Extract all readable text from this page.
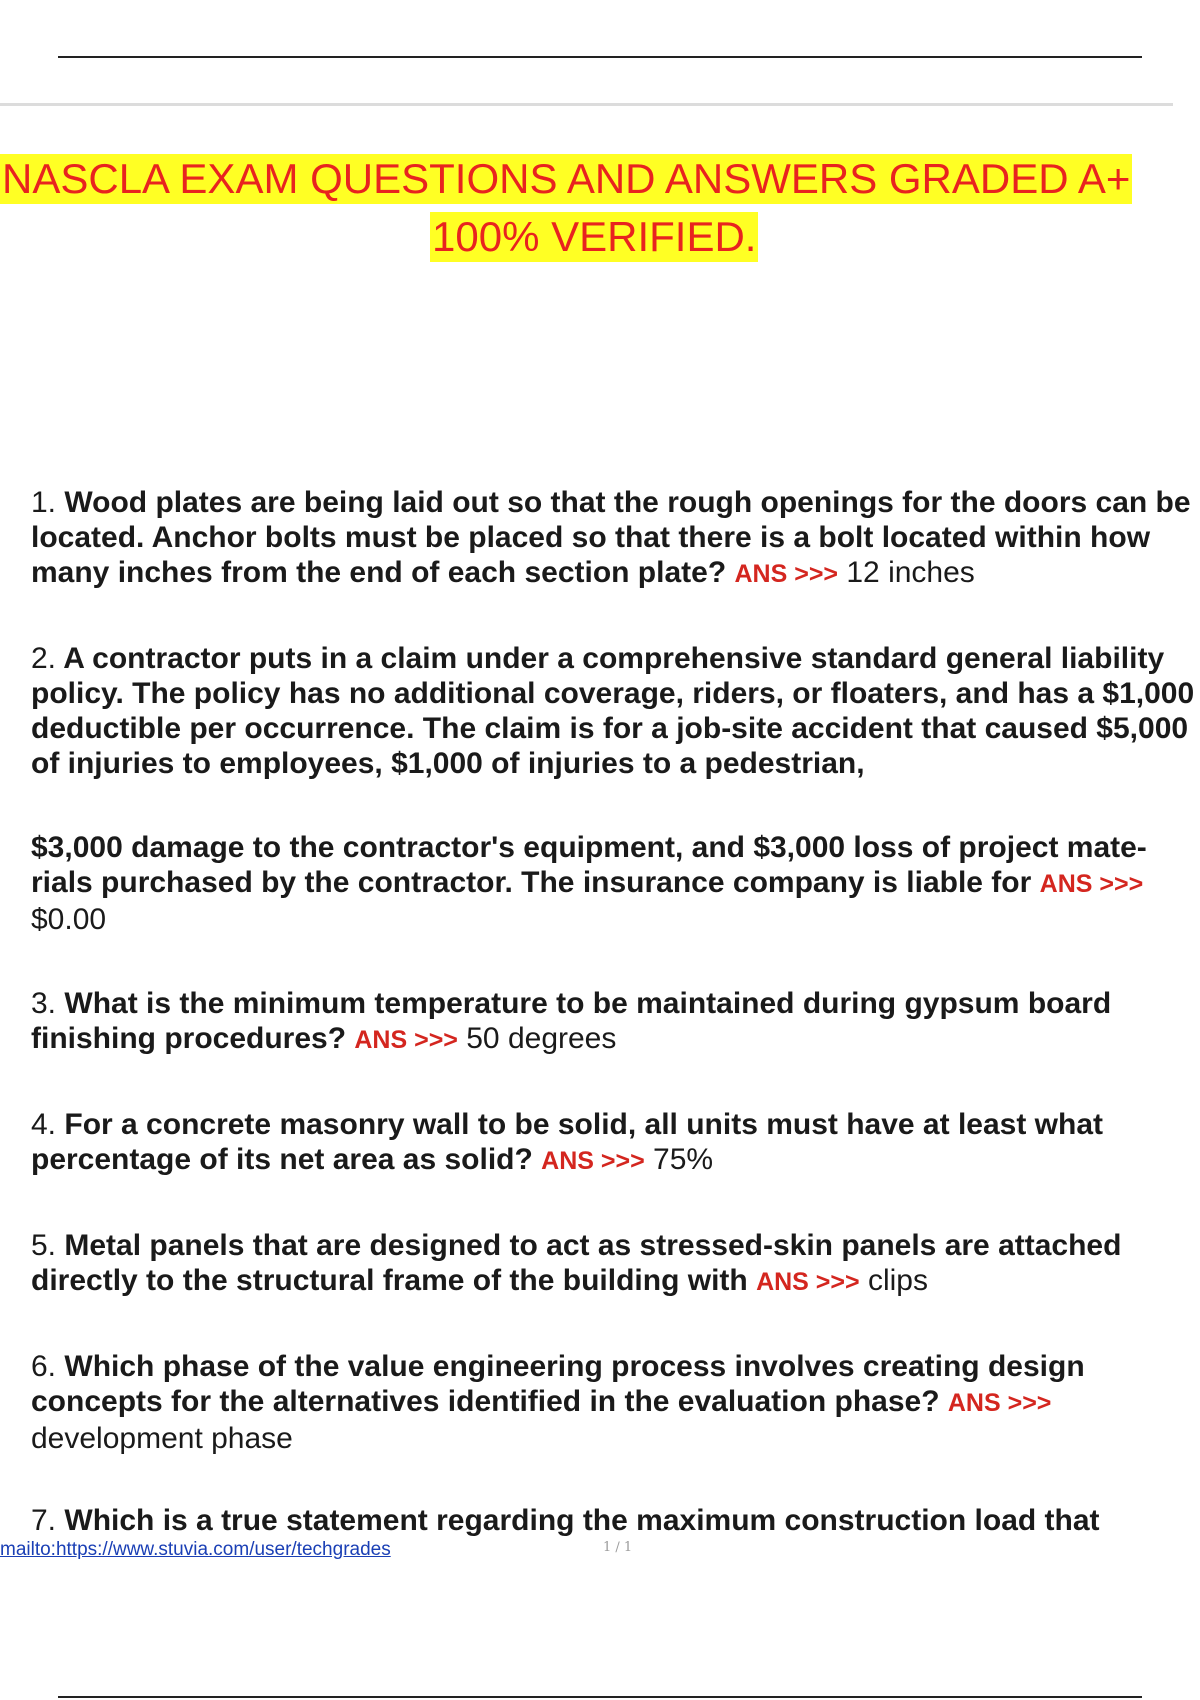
NASCLA EXAM QUESTIONS AND ANSWERS GRADED A+
100% VERIFIED.

1. Wood plates are being laid out so that the rough openings for the doors can be located. Anchor bolts must be placed so that there is a bolt located within how many inches from the end of each section plate? ANS >>> 12 inches

2. A contractor puts in a claim under a comprehensive standard general liability policy. The policy has no additional coverage, riders, or floaters, and has a $1,000 deductible per occurrence. The claim is for a job-site accident that caused $5,000 of injuries to employees, $1,000 of injuries to a pedestrian,

$3,000 damage to the contractor's equipment, and $3,000 loss of project mate-rials purchased by the contractor. The insurance company is liable for ANS >>> $0.00

3. What is the minimum temperature to be maintained during gypsum board finishing procedures? ANS >>> 50 degrees

4. For a concrete masonry wall to be solid, all units must have at least what percentage of its net area as solid? ANS >>> 75%

5. Metal panels that are designed to act as stressed-skin panels are attached directly to the structural frame of the building with ANS >>> clips

6. Which phase of the value engineering process involves creating design concepts for the alternatives identified in the evaluation phase? ANS >>> development phase

7. Which is a true statement regarding the maximum construction load that

mailto:https://www.stuvia.com/user/techgrades	1 / 1
